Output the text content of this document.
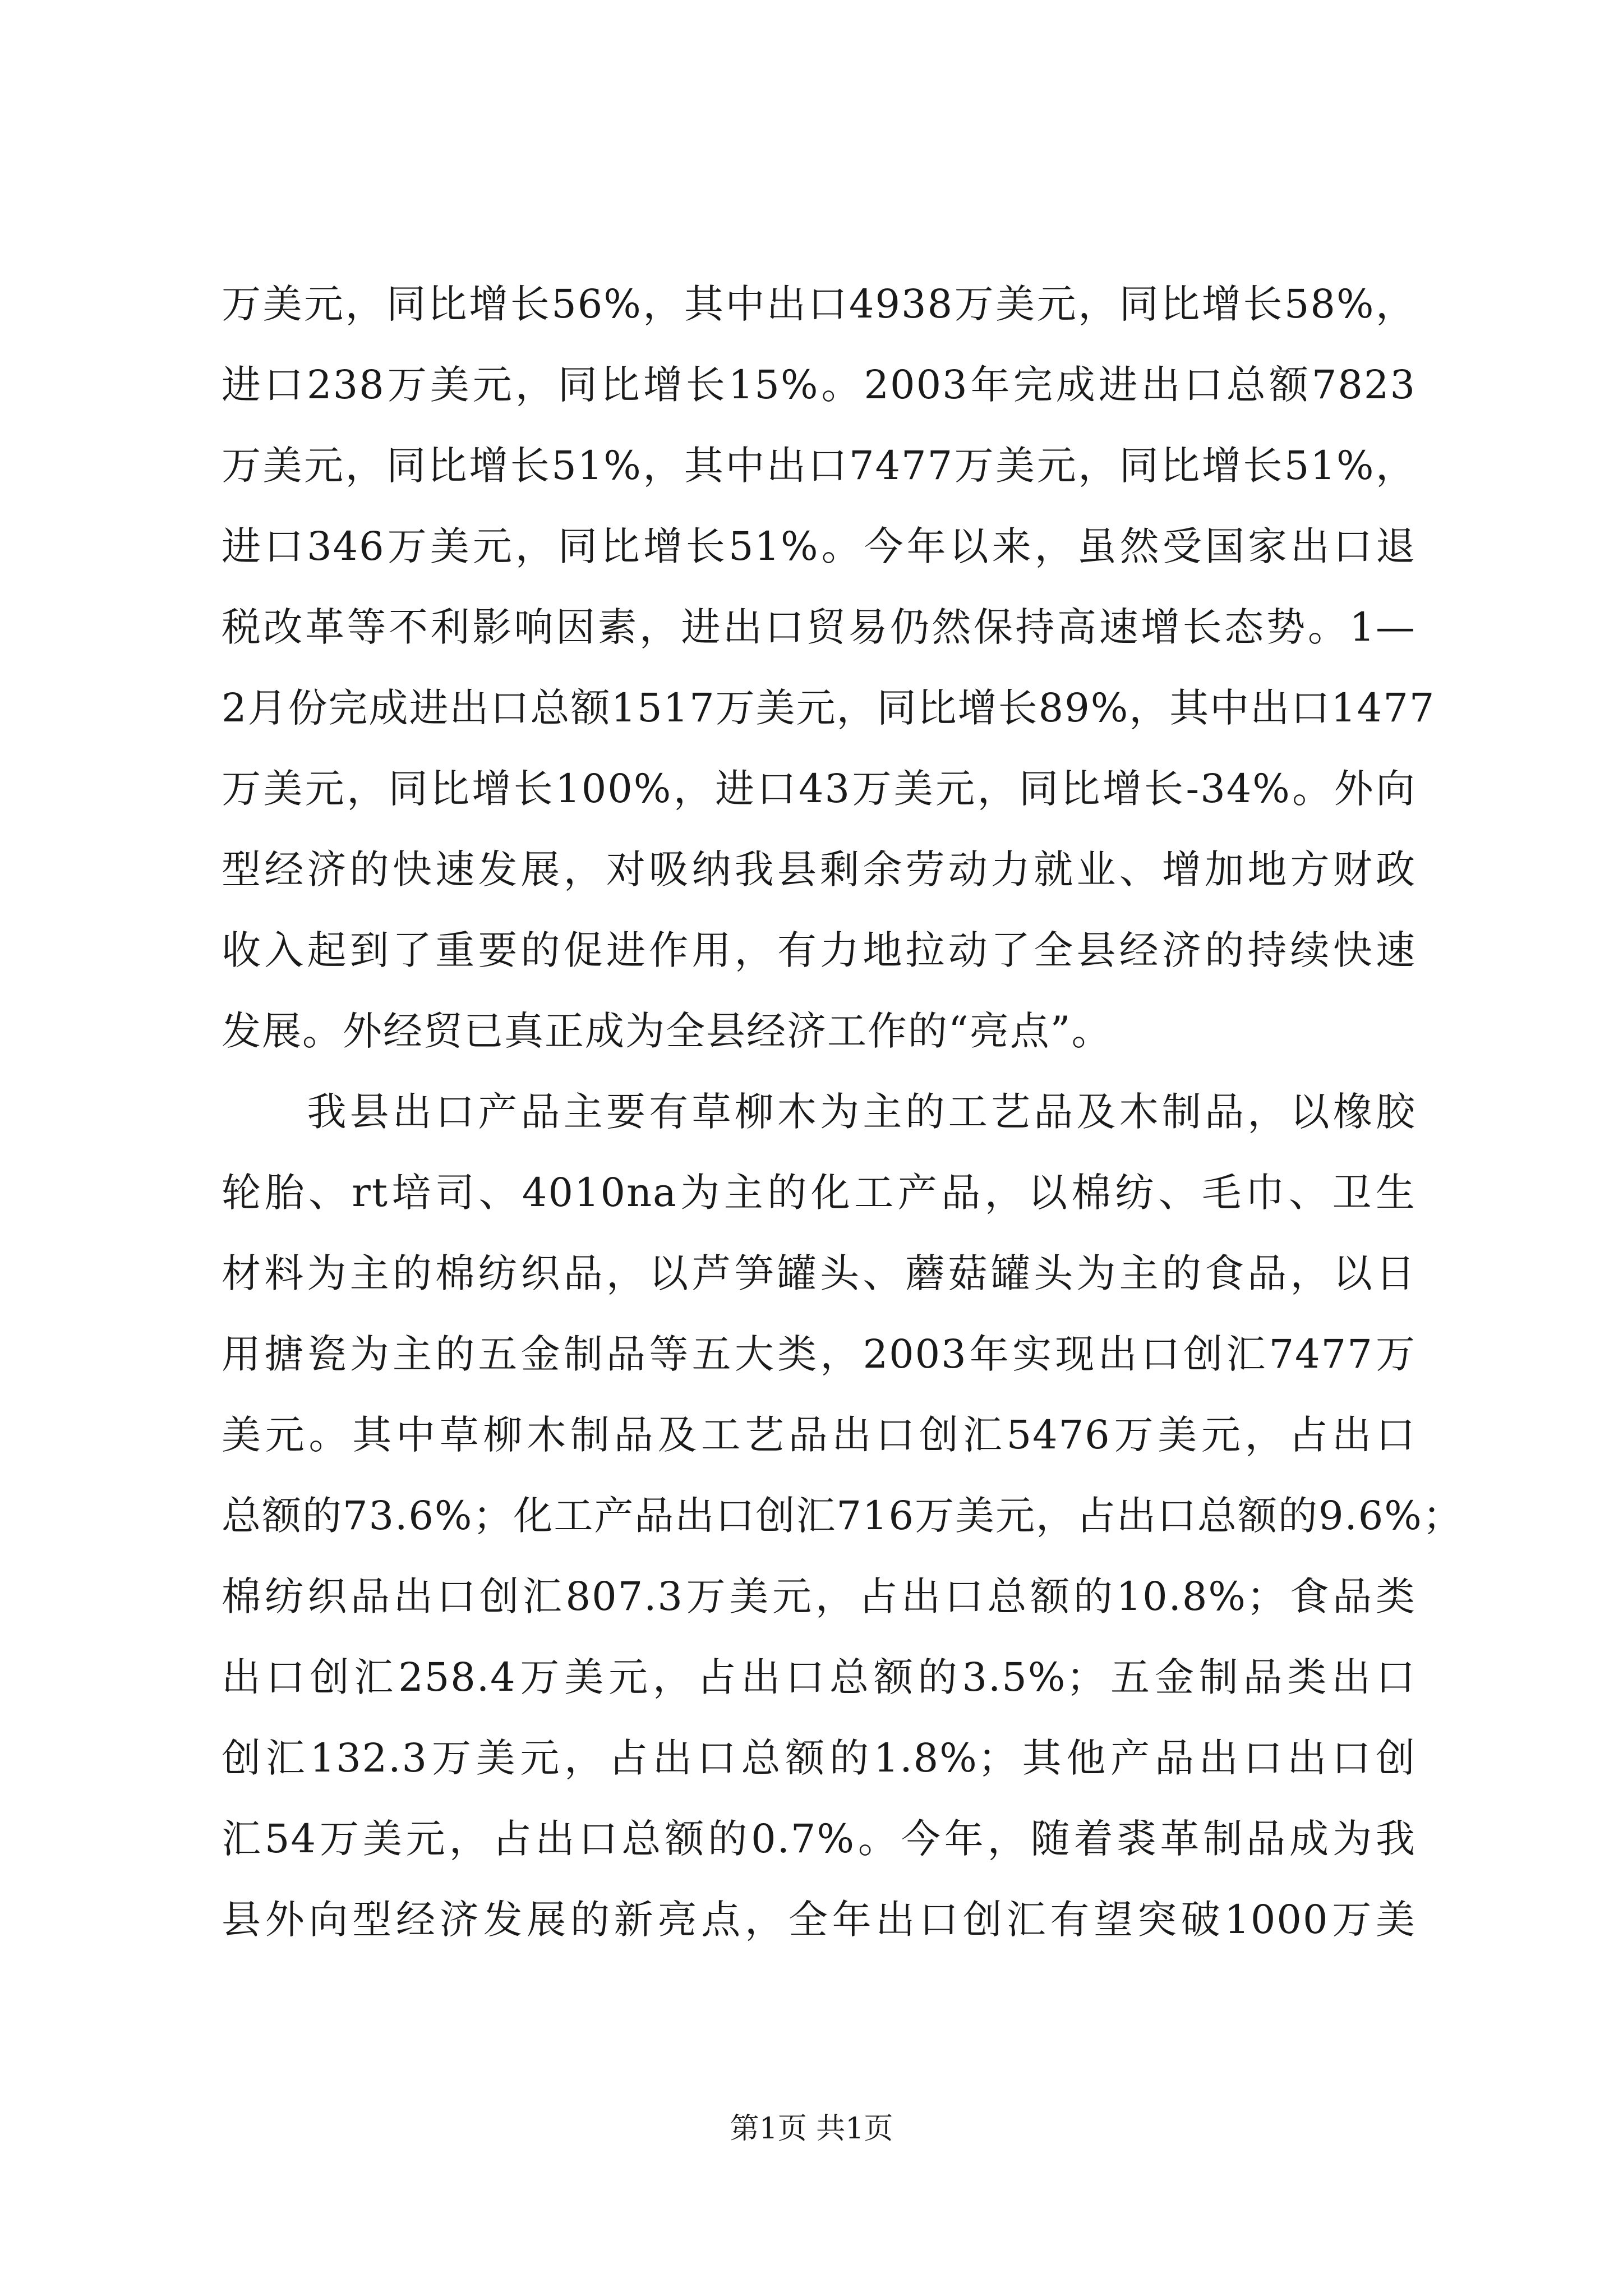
万美元，同比增长56%，其中出口4938万美元，同比增长58%，
进口238万美元，同比增长15%。2003年完成进出口总额7823
万美元，同比增长51%，其中出口7477万美元，同比增长51%，
进口346万美元，同比增长51%。今年以来，虽然受国家出口退
税改革等不利影响因素，进出口贸易仍然保持高速增长态势。1—
2月份完成进出口总额1517万美元，同比增长89%，其中出口1477
万美元，同比增长100%，进口43万美元，同比增长-34%。外向
型经济的快速发展，对吸纳我县剩余劳动力就业、增加地方财政
收入起到了重要的促进作用，有力地拉动了全县经济的持续快速
发展。外经贸已真正成为全县经济工作的“亮点”。
　　我县出口产品主要有草柳木为主的工艺品及木制品，以橡胶
轮胎、rt培司、4010na为主的化工产品，以棉纺、毛巾、卫生
材料为主的棉纺织品，以芦笋罐头、蘑菇罐头为主的食品，以日
用搪瓷为主的五金制品等五大类，2003年实现出口创汇7477万
美元。其中草柳木制品及工艺品出口创汇5476万美元，占出口
总额的73.6%；化工产品出口创汇716万美元，占出口总额的9.6%；
棉纺织品出口创汇807.3万美元，占出口总额的10.8%；食品类
出口创汇258.4万美元，占出口总额的3.5%；五金制品类出口
创汇132.3万美元，占出口总额的1.8%；其他产品出口出口创
汇54万美元，占出口总额的0.7%。今年，随着裘革制品成为我
县外向型经济发展的新亮点，全年出口创汇有望突破1000万美
第1页 共1页
